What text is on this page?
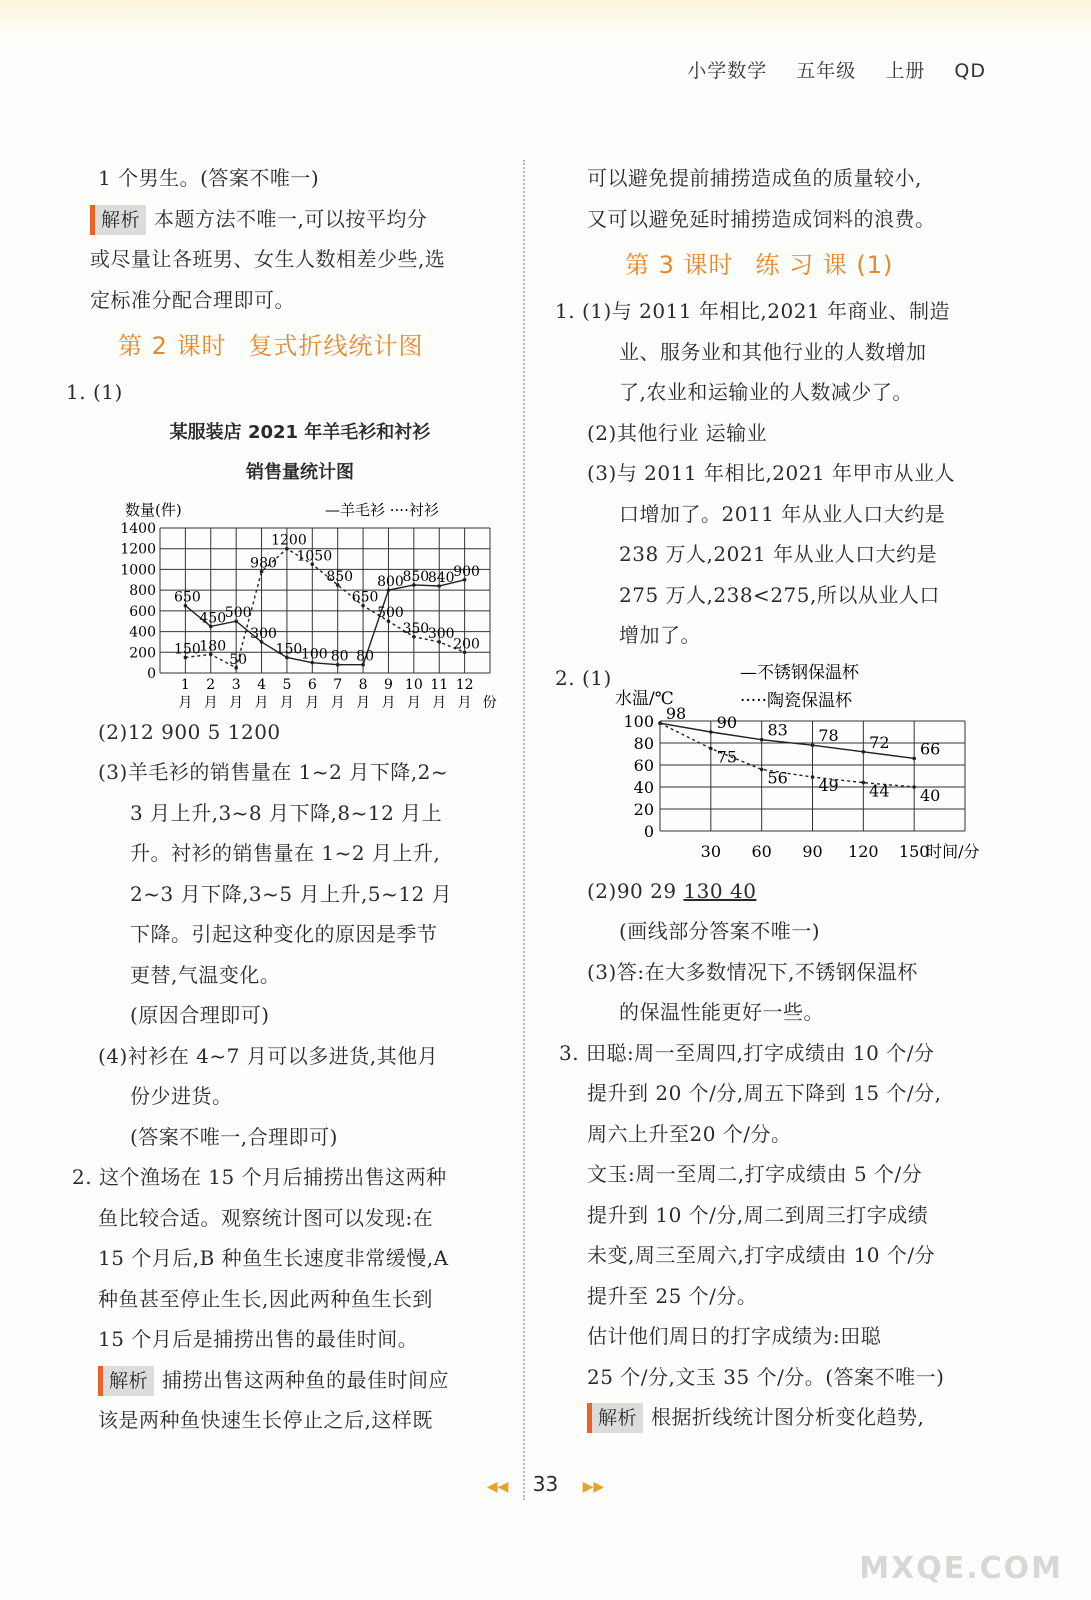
小学数学 五年级 上册 QD
1 个男生。(答案不唯一)
解析 本题方法不唯一,可以按平均分
或尽量让各班男、女生人数相差少些,选
定标准分配合理即可。
第 2 课时 复式折线统计图
1. (1)
某服装店 2021 年羊毛衫和衬衫
销售量统计图
数量(件)	—羊毛衫 ····衬衫
0
200
400
600
800
1000
1200
1400
1
月
2
月
3
月
4
月
5
月
6
月
7
月
8
月
9
月
10
月
11
月
12
月 份
650
450
500
300
150
100 80 80
800
850
840
900
150
180
50
980
1200
1050
850
650
500
350
300
200
(2)12 900 5 1200
(3)羊毛衫的销售量在 1~2 月下降,2~
3 月上升,3~8 月下降,8~12 月上
升。衬衫的销售量在 1~2 月上升,
2~3 月下降,3~5 月上升,5~12 月
下降。引起这种变化的原因是季节
更替,气温变化。
(原因合理即可)
(4)衬衫在 4~7 月可以多进货,其他月
份少进货。
(答案不唯一,合理即可)
2. 这个渔场在 15 个月后捕捞出售这两种
鱼比较合适。观察统计图可以发现:在
15 个月后,B 种鱼生长速度非常缓慢,A
种鱼甚至停止生长,因此两种鱼生长到
15 个月后是捕捞出售的最佳时间。
解析 捕捞出售这两种鱼的最佳时间应
该是两种鱼快速生长停止之后,这样既
可以避免提前捕捞造成鱼的质量较小,
又可以避免延时捕捞造成饲料的浪费。
第 3 课时 练 习 课 (1)
1. (1)与 2011 年相比,2021 年商业、制造
业、服务业和其他行业的人数增加
了,农业和运输业的人数减少了。
(2)其他行业 运输业
(3)与 2011 年相比,2021 年甲市从业人
口增加了。2011 年从业人口大约是
238 万人,2021 年从业人口大约是
275 万人,238<275,所以从业人口
增加了。
2. (1)
水温/℃
—不锈钢保温杯
·····陶瓷保温杯
0
20
40
60
80
100
30 60 90 120 150
时间/分
98 90 83 78 72 66
75
56 49 44 40
(2)90 29 130 40
(画线部分答案不唯一)
(3)答:在大多数情况下,不锈钢保温杯
的保温性能更好一些。
3. 田聪:周一至周四,打字成绩由 10 个/分
提升到 20 个/分,周五下降到 15 个/分,
周六上升至20 个/分。
文玉:周一至周二,打字成绩由 5 个/分
提升到 10 个/分,周二到周三打字成绩
未变,周三至周六,打字成绩由 10 个/分
提升至 25 个/分。
估计他们周日的打字成绩为:田聪
25 个/分,文玉 35 个/分。(答案不唯一)
解析 根据折线统计图分析变化趋势,
◀◀ 33 ▶▶
MXQE.COM
